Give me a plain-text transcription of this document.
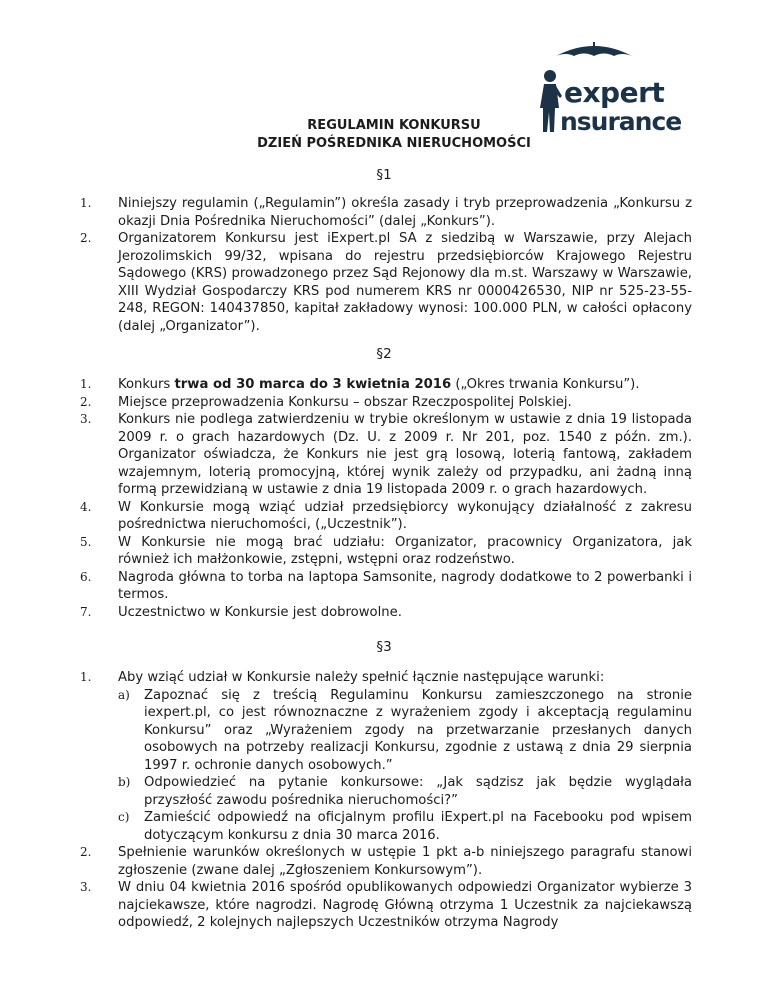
expert
nsurance
REGULAMIN KONKURSU
DZIEŃ POŚREDNIKA NIERUCHOMOŚCI
§1
1.	Niniejszy regulamin („Regulamin”) określa zasady i tryb przeprowadzenia „Konkursu z okazji Dnia Pośrednika Nieruchomości” (dalej „Konkurs”).
2.	Organizatorem Konkursu jest iExpert.pl SA z siedzibą w Warszawie, przy Alejach Jerozolimskich 99/32, wpisana do rejestru przedsiębiorców Krajowego Rejestru Sądowego (KRS) prowadzonego przez Sąd Rejonowy dla m.st. Warszawy w Warszawie, XIII Wydział Gospodarczy KRS pod numerem KRS nr 0000426530, NIP nr 525-23-55-248, REGON: 140437850, kapitał zakładowy wynosi: 100.000 PLN, w całości opłacony (dalej „Organizator”).
§2
1.	Konkurs trwa od 30 marca do 3 kwietnia 2016 („Okres trwania Konkursu”).
2.	Miejsce przeprowadzenia Konkursu – obszar Rzeczpospolitej Polskiej.
3.	Konkurs nie podlega zatwierdzeniu w trybie określonym w ustawie z dnia 19 listopada 2009 r. o grach hazardowych (Dz. U. z 2009 r. Nr 201, poz. 1540 z późn. zm.). Organizator oświadcza, że Konkurs nie jest grą losową, loterią fantową, zakładem wzajemnym, loterią promocyjną, której wynik zależy od przypadku, ani żadną inną formą przewidzianą w ustawie z dnia 19 listopada 2009 r. o grach hazardowych.
4.	W Konkursie mogą wziąć udział przedsiębiorcy wykonujący działalność z zakresu pośrednictwa nieruchomości, („Uczestnik”).
5.	W Konkursie nie mogą brać udziału: Organizator, pracownicy Organizatora, jak również ich małżonkowie, zstępni, wstępni oraz rodzeństwo.
6.	Nagroda główna to torba na laptopa Samsonite, nagrody dodatkowe to 2 powerbanki i termos.
7.	Uczestnictwo w Konkursie jest dobrowolne.
§3
1.	Aby wziąć udział w Konkursie należy spełnić łącznie następujące warunki:
a)	Zapoznać się z treścią Regulaminu Konkursu zamieszczonego na stronie iexpert.pl, co jest równoznaczne z wyrażeniem zgody i akceptacją regulaminu Konkursu” oraz „Wyrażeniem zgody na przetwarzanie przesłanych danych osobowych na potrzeby realizacji Konkursu, zgodnie z ustawą z dnia 29 sierpnia 1997 r. ochronie danych osobowych.”
b)	Odpowiedzieć na pytanie konkursowe: „Jak sądzisz jak będzie wyglądała przyszłość zawodu pośrednika nieruchomości?”
c)	Zamieścić odpowiedź na oficjalnym profilu iExpert.pl na Facebooku pod wpisem dotyczącym konkursu z dnia 30 marca 2016.
2.	Spełnienie warunków określonych w ustępie 1 pkt a-b niniejszego paragrafu stanowi zgłoszenie (zwane dalej „Zgłoszeniem Konkursowym”).
3.	W dniu 04 kwietnia 2016 spośród opublikowanych odpowiedzi Organizator wybierze 3 najciekawsze, które nagrodzi. Nagrodę Główną otrzyma 1 Uczestnik za najciekawszą odpowiedź, 2 kolejnych najlepszych Uczestników otrzyma Nagrody
